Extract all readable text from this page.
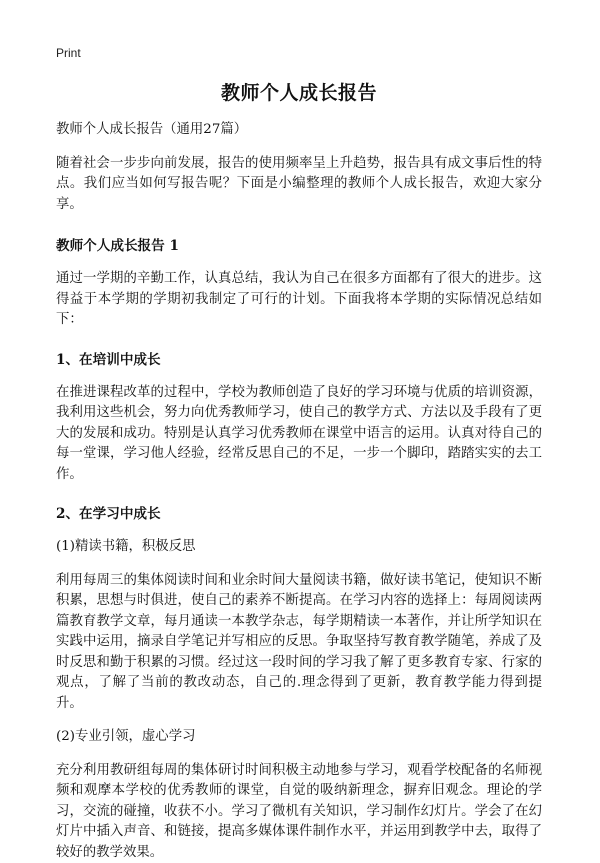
Print
教师个人成长报告

教师个人成长报告（通用27篇）

随着社会一步步向前发展，报告的使用频率呈上升趋势，报告具有成文事后性的特点。我们应当如何写报告呢？下面是小编整理的教师个人成长报告，欢迎大家分享。

教师个人成长报告 1

通过一学期的辛勤工作，认真总结，我认为自己在很多方面都有了很大的进步。这得益于本学期的学期初我制定了可行的计划。下面我将本学期的实际情况总结如下：

1、在培训中成长

在推进课程改革的过程中，学校为教师创造了良好的学习环境与优质的培训资源，我利用这些机会，努力向优秀教师学习，使自己的教学方式、方法以及手段有了更大的发展和成功。特别是认真学习优秀教师在课堂中语言的运用。认真对待自己的每一堂课，学习他人经验，经常反思自己的不足，一步一个脚印，踏踏实实的去工作。

2、在学习中成长

(1)精读书籍，积极反思

利用每周三的集体阅读时间和业余时间大量阅读书籍，做好读书笔记，使知识不断积累，思想与时俱进，使自己的素养不断提高。在学习内容的选择上：每周阅读两篇教育教学文章，每月通读一本教学杂志，每学期精读一本著作，并让所学知识在实践中运用，摘录自学笔记并写相应的反思。争取坚持写教育教学随笔，养成了及时反思和勤于积累的习惯。经过这一段时间的学习我了解了更多教育专家、行家的观点，了解了当前的教改动态，自己的.理念得到了更新，教育教学能力得到提升。

(2)专业引领，虚心学习

充分利用教研组每周的集体研讨时间积极主动地参与学习，观看学校配备的名师视频和观摩本学校的优秀教师的课堂，自觉的吸纳新理念，摒弃旧观念。理论的学习，交流的碰撞，收获不小。学习了微机有关知识，学习制作幻灯片。学会了在幻灯片中插入声音、和链接，提高多媒体课件制作水平，并运用到教学中去，取得了较好的教学效果。
